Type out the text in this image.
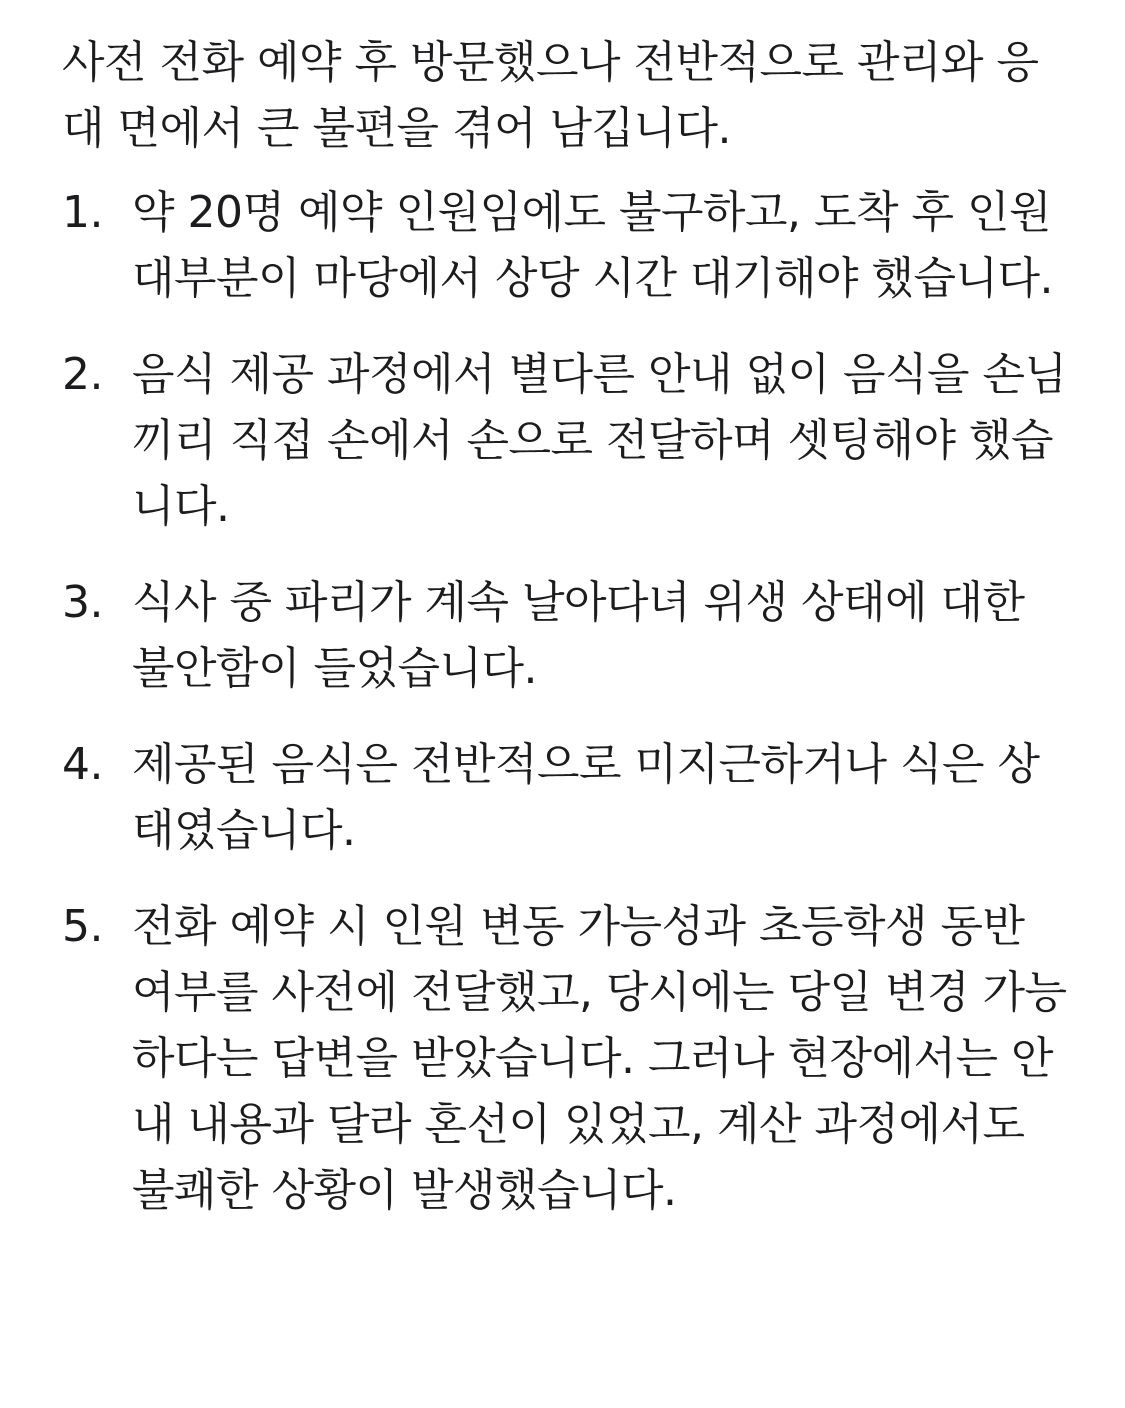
사전 전화 예약 후 방문했으나 전반적으로 관리와 응대 면에서 큰 불편을 겪어 남깁니다.

1. 약 20명 예약 인원임에도 불구하고, 도착 후 인원 대부분이 마당에서 상당 시간 대기해야 했습니다.
2. 음식 제공 과정에서 별다른 안내 없이 음식을 손님끼리 직접 손에서 손으로 전달하며 셋팅해야 했습니다.
3. 식사 중 파리가 계속 날아다녀 위생 상태에 대한 불안함이 들었습니다.
4. 제공된 음식은 전반적으로 미지근하거나 식은 상태였습니다.
5. 전화 예약 시 인원 변동 가능성과 초등학생 동반 여부를 사전에 전달했고, 당시에는 당일 변경 가능하다는 답변을 받았습니다. 그러나 현장에서는 안내 내용과 달라 혼선이 있었고, 계산 과정에서도 불쾌한 상황이 발생했습니다.
